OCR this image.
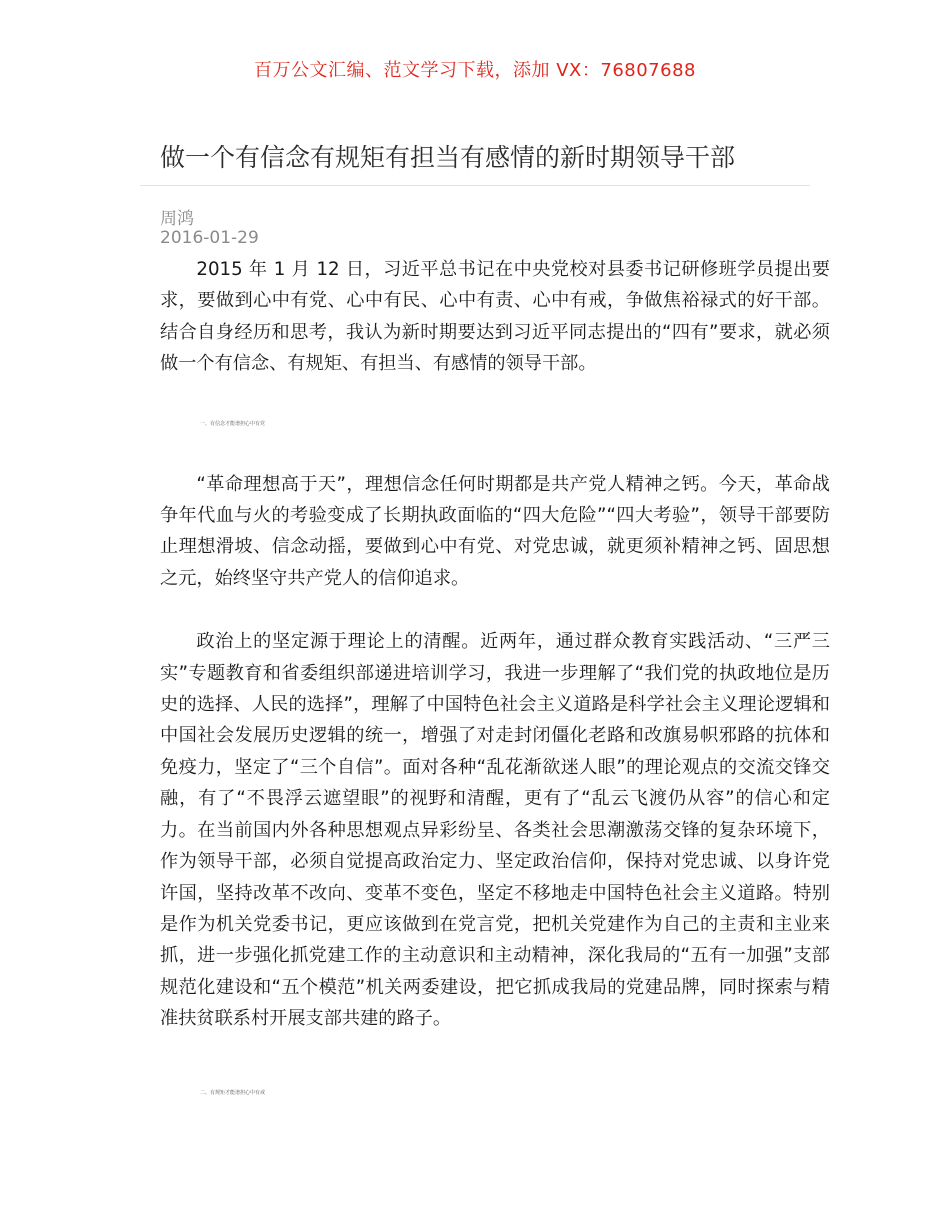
百万公文汇编、范文学习下载，添加 VX：76807688
做一个有信念有规矩有担当有感情的新时期领导干部
周鸿
2016-01-29

2015 年 1 月 12 日，习近平总书记在中央党校对县委书记研修班学员提出要求，要做到心中有党、心中有民、心中有责、心中有戒，争做焦裕禄式的好干部。结合自身经历和思考，我认为新时期要达到习近平同志提出的“四有”要求，就必须做一个有信念、有规矩、有担当、有感情的领导干部。

一、有信念才能谱担心中有党

“革命理想高于天”，理想信念任何时期都是共产党人精神之钙。今天，革命战争年代血与火的考验变成了长期执政面临的“四大危险”“四大考验”，领导干部要防止理想滑坡、信念动摇，要做到心中有党、对党忠诚，就更须补精神之钙、固思想之元，始终坚守共产党人的信仰追求。

政治上的坚定源于理论上的清醒。近两年，通过群众教育实践活动、“三严三实”专题教育和省委组织部递进培训学习，我进一步理解了“我们党的执政地位是历史的选择、人民的选择”，理解了中国特色社会主义道路是科学社会主义理论逻辑和中国社会发展历史逻辑的统一，增强了对走封闭僵化老路和改旗易帜邪路的抗体和免疫力，坚定了“三个自信”。面对各种“乱花渐欲迷人眼”的理论观点的交流交锋交融，有了“不畏浮云遮望眼”的视野和清醒，更有了“乱云飞渡仍从容”的信心和定力。在当前国内外各种思想观点异彩纷呈、各类社会思潮激荡交锋的复杂环境下，作为领导干部，必须自觉提高政治定力、坚定政治信仰，保持对党忠诚、以身许党许国，坚持改革不改向、变革不变色，坚定不移地走中国特色社会主义道路。特别是作为机关党委书记，更应该做到在党言党，把机关党建作为自己的主责和主业来抓，进一步强化抓党建工作的主动意识和主动精神，深化我局的“五有一加强”支部规范化建设和“五个模范”机关两委建设，把它抓成我局的党建品牌，同时探索与精准扶贫联系村开展支部共建的路子。

二、有规矩才能谱担心中有戒
